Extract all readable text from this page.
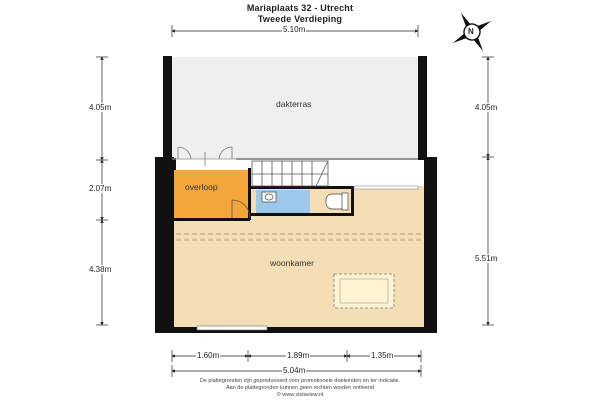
Mariaplaats 32 - Utrecht

Tweede Verdieping

N

5.10m

4.05m

2.07m

4.38m

4.05m

5.51m

1.60m	1.89m	1.35m

5.04m

dakterras

overloop

woonkamer

De plattegronden zijn geproduceerd voor promotionele doeleinden en ter indicatie.

Aan de plattegronden kunnen geen rechten worden ontleend

© www.vistaview.nl
